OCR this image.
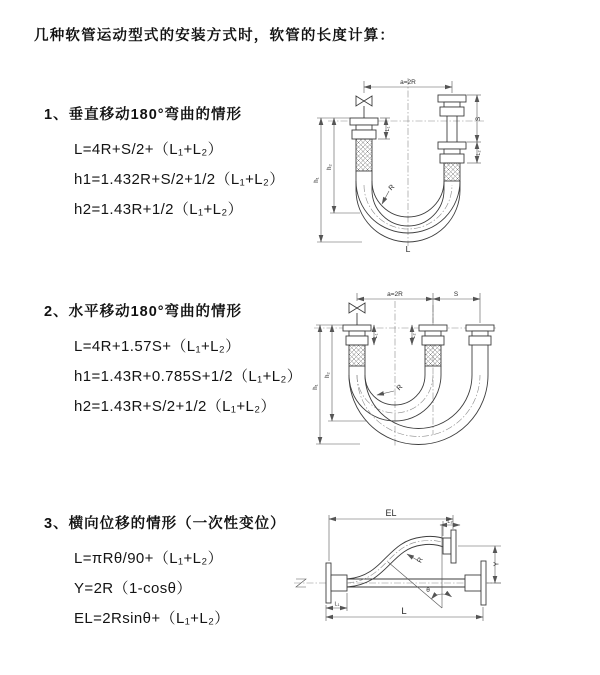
几种软管运动型式的安装方式时，软管的长度计算：
1、垂直移动180°弯曲的情形
L=4R+S/2+（L₁+L₂）
h1=1.432R+S/2+1/2（L₁+L₂）
h2=1.43R+1/2（L₁+L₂）
2、水平移动180°弯曲的情形
L=4R+1.57S+（L₁+L₂）
h1=1.43R+0.785S+1/2（L₁+L₂）
h2=1.43R+S/2+1/2（L₁+L₂）
3、横向位移的情形（一次性变位）
L=πRθ/90+（L₁+L₂）
Y=2R（1-cosθ）
EL=2Rsinθ+（L₁+L₂）
a=2R
S
L₂
h₁
h₂
L₁
R
L
a=2R	S
h₁
h₂
L₁	L₂
R
θ
EL
L₂
Y
L
L₁
R
